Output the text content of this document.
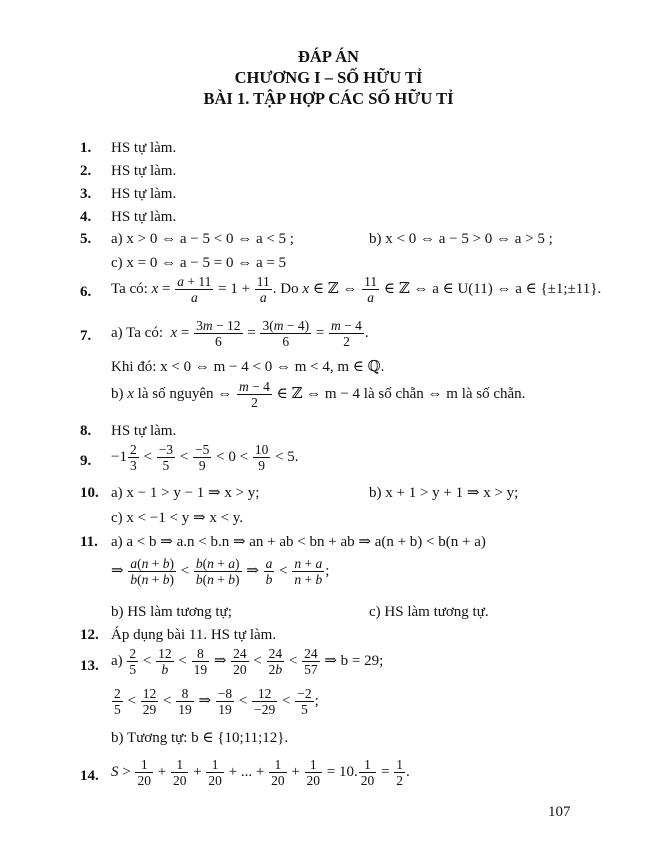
ĐÁP ÁN
CHƯƠNG I – SỐ HỮU TỈ
BÀI 1. TẬP HỢP CÁC SỐ HỮU TỈ
1. HS tự làm.
2. HS tự làm.
3. HS tự làm.
4. HS tự làm.
5. a) x > 0 ⇔ a − 5 < 0 ⇔ a < 5 ;	b) x < 0 ⇔ a − 5 > 0 ⇔ a > 5 ;
c) x = 0 ⇔ a − 5 = 0 ⇔ a = 5
6. Ta có: $x = \frac{a + 11}{a} = 1 + \frac{11}{a}$ . Do x ∈ ℤ ⇔ $\frac{11}{a}$ ∈ ℤ ⇔ a ∈ U(11) ⇔ a ∈ {±1;±11}.
7. a) Ta có: $x = \frac{3m - 12}{6} = \frac{3(m - 4)}{6} = \frac{m - 4}{2}$ .
Khi đó: x < 0 ⇔ m − 4 < 0 ⇔ m < 4, m ∈ ℚ.
b) x là số nguyên ⇔ $\frac{m - 4}{2}$ ∈ ℤ ⇔ m − 4 là số chẵn ⇔ m là số chẵn.
8. HS tự làm.
9. $-1 \frac{2}{3} < \frac{-3}{5} < \frac{-5}{9} < 0 < \frac{10}{9} < 5$.
10. a) x − 1 > y − 1 ⇒ x > y;	b) x + 1 > y + 1 ⇒ x > y;
c) x < −1 < y ⇒ x < y.
11. a) a < b ⇒ a.n < b.n ⇒ an + ab < bn + ab ⇒ a(n + b) < b(n + a)
⇒ $\frac{a(n + b)}{b(n + b)} < \frac{b(n + a)}{b(n + b)}$ ⇒ $\frac{a}{b} < \frac{n + a}{n + b}$ ;
b) HS làm tương tự;	c) HS làm tương tự.
12. Áp dụng bài 11. HS tự làm.
13. $a) \frac{2}{5} < \frac{12}{b} < \frac{8}{19}$ ⇒ $\frac{24}{20} < \frac{24}{2b} < \frac{24}{57}$ ⇒ b = 29;
$\frac{2}{5} < \frac{12}{29} < \frac{8}{19}$ ⇒ $\frac{-8}{19} < \frac{12}{-29} < \frac{-2}{5}$ ;
b) Tương tự: b ∈ {10;11;12}.
14. $S > \frac{1}{20} + \frac{1}{20} + \frac{1}{20}$ + ... + $\frac{1}{20} + \frac{1}{20} = 10$. $\frac{1}{20} = \frac{1}{2}$ .
107
